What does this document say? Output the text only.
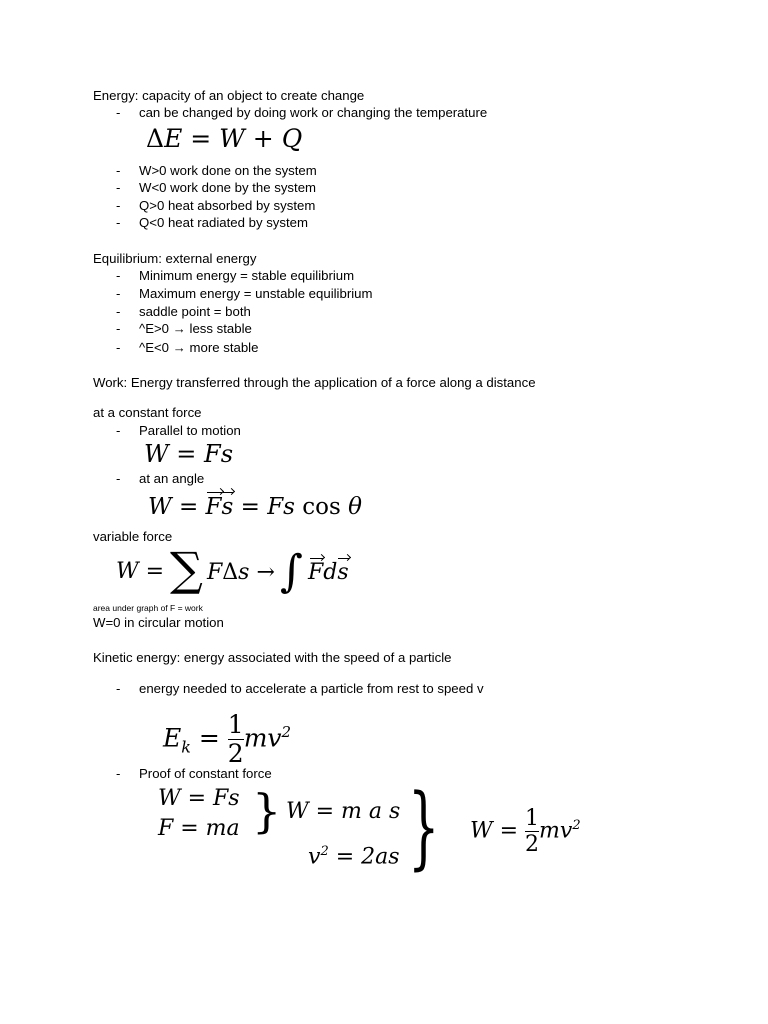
Energy: capacity of an object to create change
- can be changed by doing work or changing the temperature
ΔE = W + Q
- W>0 work done on the system
- W<0 work done by the system
- Q>0 heat absorbed by system
- Q<0 heat radiated by system
Equilibrium: external energy
- Minimum energy = stable equilibrium
- Maximum energy = unstable equilibrium
- saddle point = both
- ^E>0 → less stable
- ^E<0 → more stable
Work: Energy transferred through the application of a force along a distance
at a constant force
- Parallel to motion
W = Fs
- at an angle
W = Fs = Fs cos θ
variable force
W = ∑ FΔs → ∫ Fds
area under graph of F = work
W=0 in circular motion
Kinetic energy: energy associated with the speed of a particle
- energy needed to accelerate a particle from rest to speed v
$E_k = \frac{1}{2} mv^2$
- Proof of constant force
W = Fs
F = ma } W = m a s
$v^2 = 2as$ } $W = \frac{1}{2} mv^2$
